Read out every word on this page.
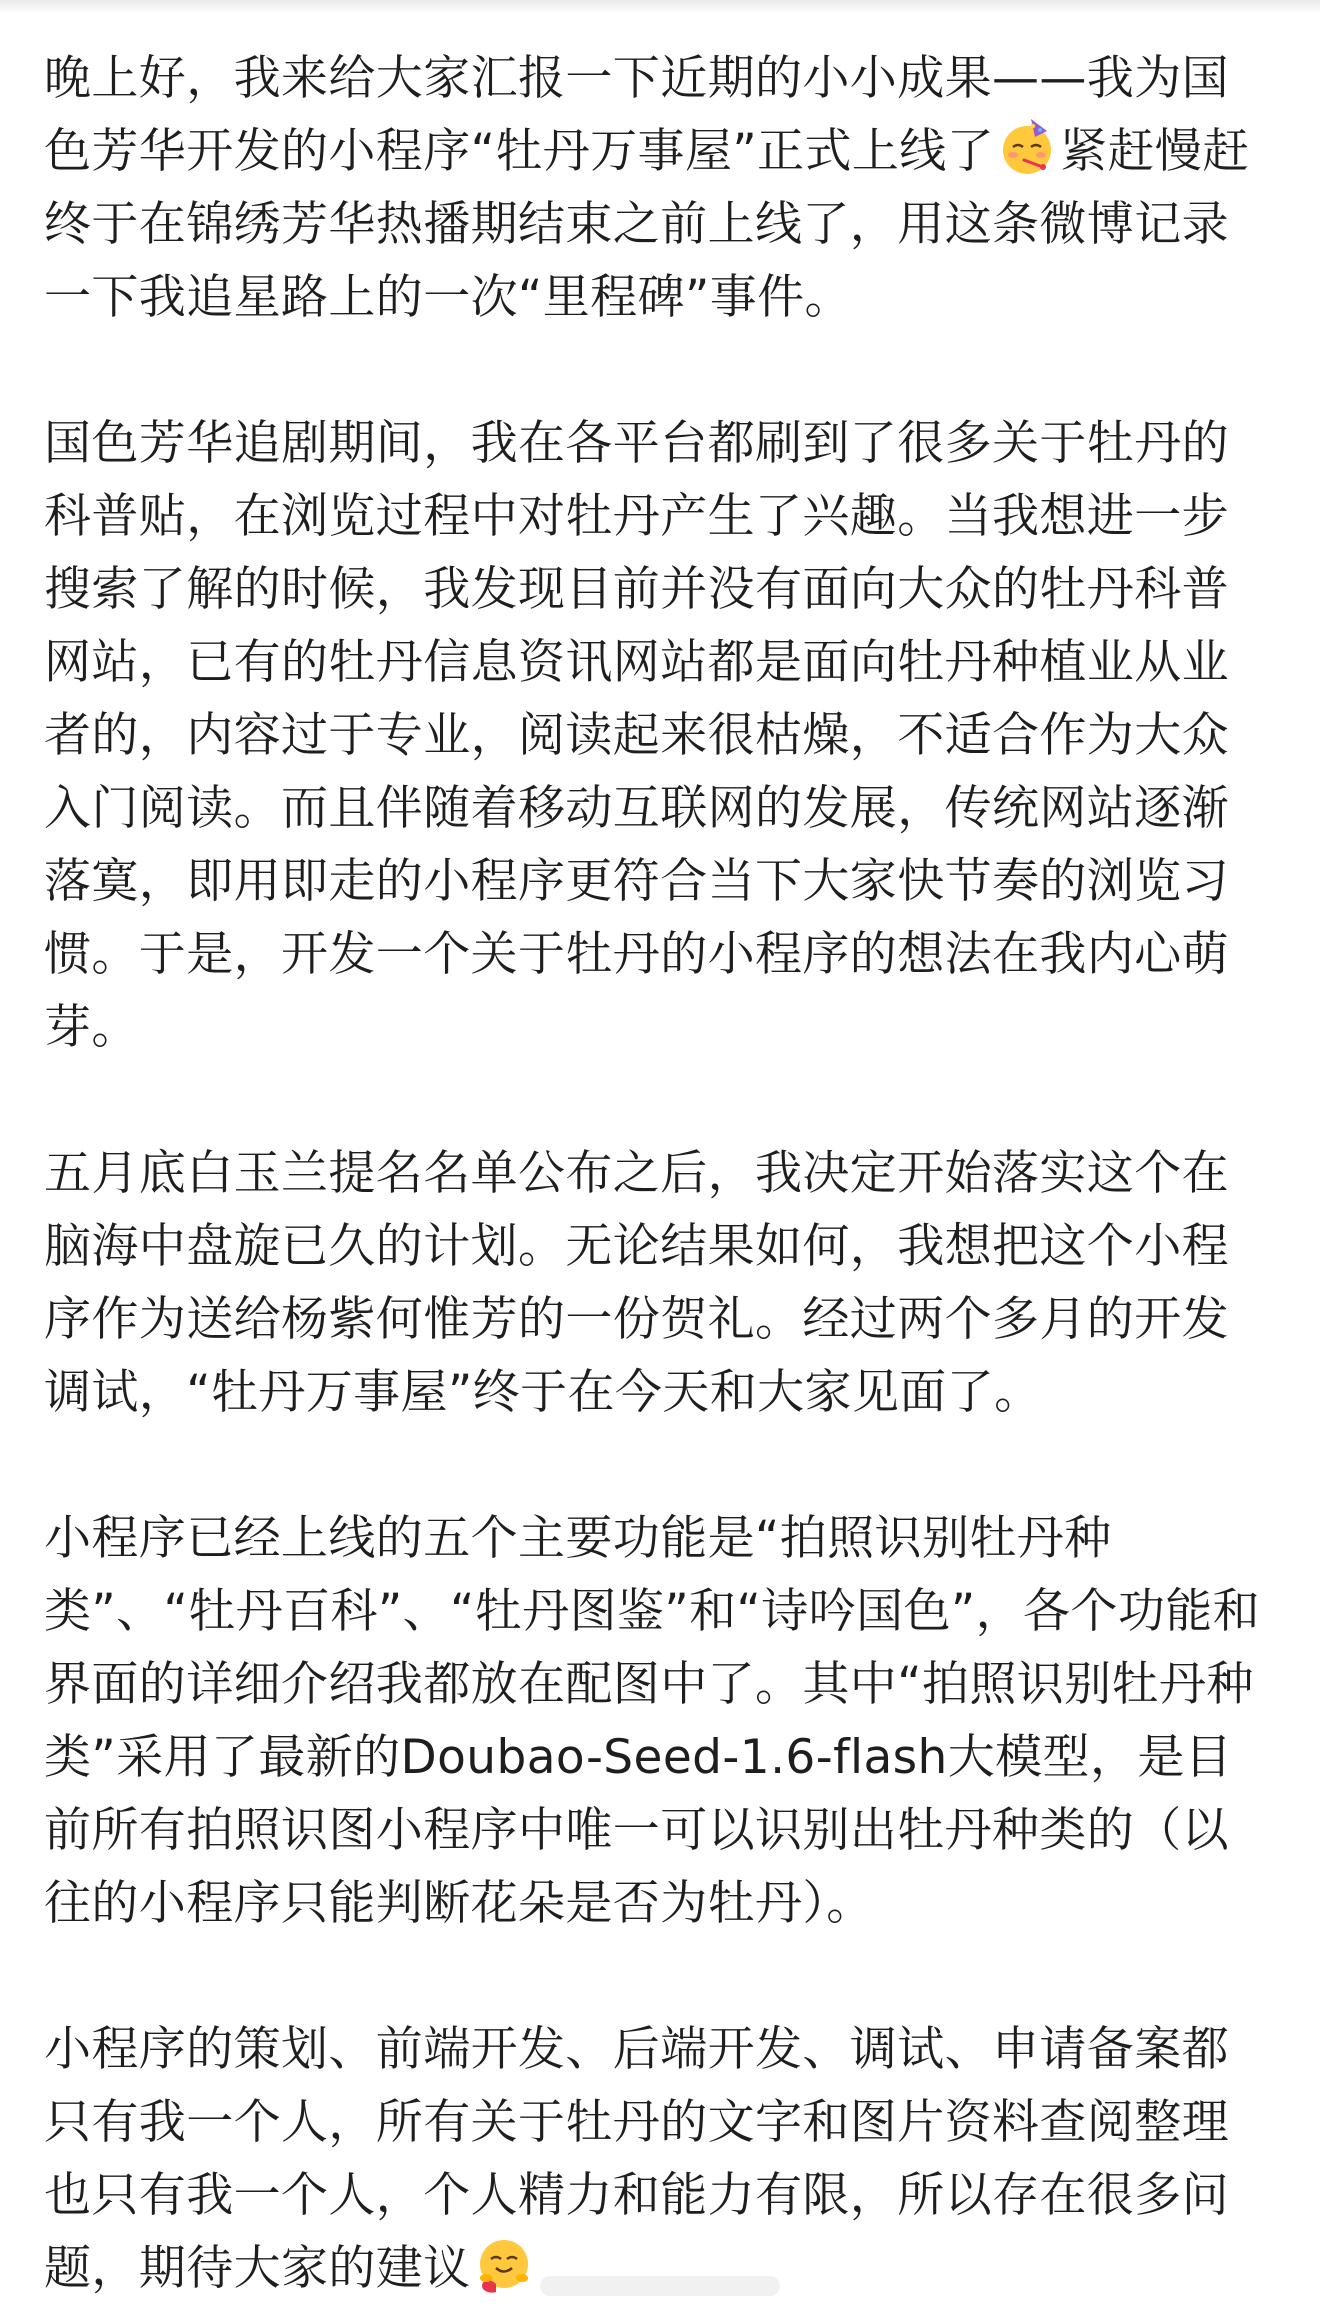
晚上好，我来给大家汇报一下近期的小小成果——我为国色芳华开发的小程序“牡丹万事屋”正式上线了 紧赶慢赶终于在锦绣芳华热播期结束之前上线了，用这条微博记录一下我追星路上的一次“里程碑”事件。

国色芳华追剧期间，我在各平台都刷到了很多关于牡丹的科普贴，在浏览过程中对牡丹产生了兴趣。当我想进一步搜索了解的时候，我发现目前并没有面向大众的牡丹科普网站，已有的牡丹信息资讯网站都是面向牡丹种植业从业者的，内容过于专业，阅读起来很枯燥，不适合作为大众入门阅读。而且伴随着移动互联网的发展，传统网站逐渐落寞，即用即走的小程序更符合当下大家快节奏的浏览习惯。于是，开发一个关于牡丹的小程序的想法在我内心萌芽。

五月底白玉兰提名名单公布之后，我决定开始落实这个在脑海中盘旋已久的计划。无论结果如何，我想把这个小程序作为送给杨紫何惟芳的一份贺礼。经过两个多月的开发调试，“牡丹万事屋”终于在今天和大家见面了。

小程序已经上线的五个主要功能是“拍照识别牡丹种类”、“牡丹百科”、“牡丹图鉴”和“诗吟国色”，各个功能和界面的详细介绍我都放在配图中了。其中“拍照识别牡丹种类”采用了最新的Doubao-Seed-1.6-flash大模型，是目前所有拍照识图小程序中唯一可以识别出牡丹种类的（以往的小程序只能判断花朵是否为牡丹）。

小程序的策划、前端开发、后端开发、调试、申请备案都只有我一个人，所有关于牡丹的文字和图片资料查阅整理也只有我一个人，个人精力和能力有限，所以存在很多问题，期待大家的建议
